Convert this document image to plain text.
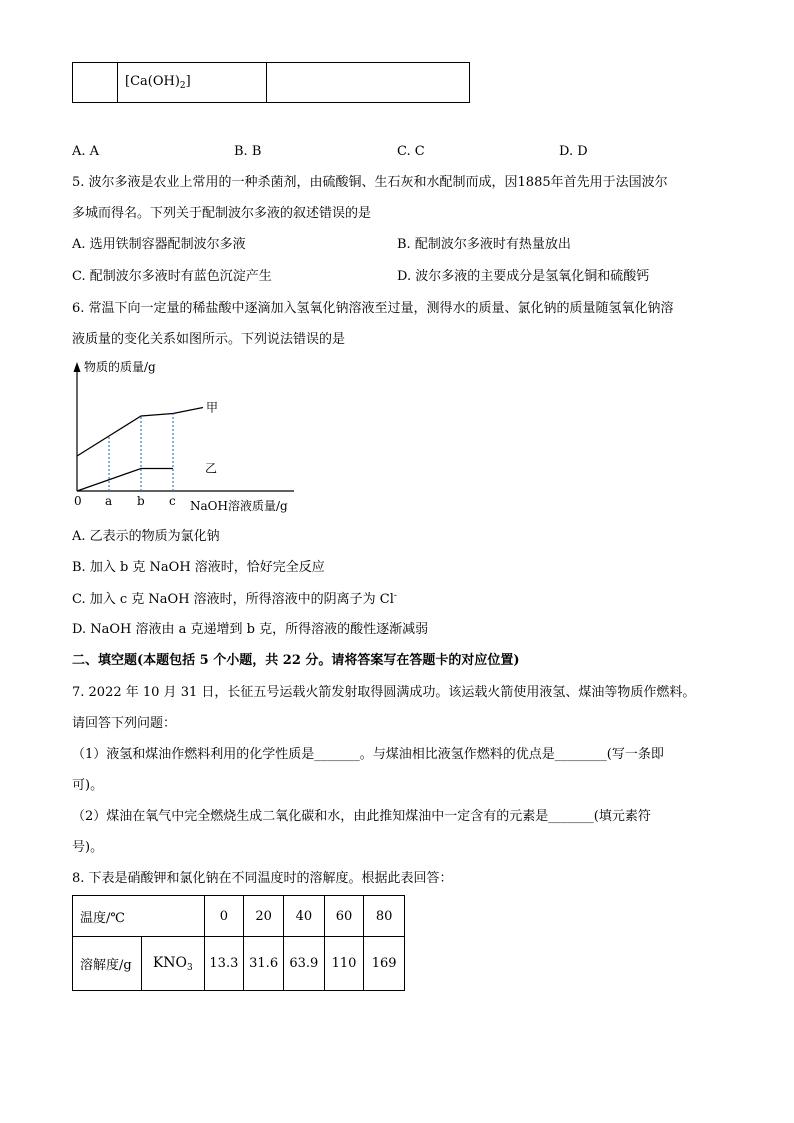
	$[Ca(OH)_2]$	
A. A	B. B	C. C	D. D
5. 波尔多液是农业上常用的一种杀菌剂，由硫酸铜、生石灰和水配制而成，因1885年首先用于法国波尔
多城而得名。下列关于配制波尔多液的叙述错误的是
A. 选用铁制容器配制波尔多液	B. 配制波尔多液时有热量放出
C. 配制波尔多液时有蓝色沉淀产生	D. 波尔多液的主要成分是氢氧化铜和硫酸钙
6. 常温下向一定量的稀盐酸中逐滴加入氢氧化钠溶液至过量，测得水的质量、氯化钠的质量随氢氧化钠溶
液质量的变化关系如图所示。下列说法错误的是
物质的质量/g
NaOH溶液质量/g
0 a b c
甲
乙
A. 乙表示的物质为氯化钠
B. 加入 b 克 NaOH 溶液时，恰好完全反应
C. 加入 c 克 NaOH 溶液时，所得溶液中的阴离子为 Cl-
D. NaOH 溶液由 a 克递增到 b 克，所得溶液的酸性逐渐减弱
二、填空题(本题包括 5 个小题，共 22 分。请将答案写在答题卡的对应位置)
7. 2022 年 10 月 31 日，长征五号运载火箭发射取得圆满成功。该运载火箭使用液氢、煤油等物质作燃料。
请回答下列问题：
（1）液氢和煤油作燃料利用的化学性质是_______。与煤油相比液氢作燃料的优点是________(写一条即
可)。
（2）煤油在氧气中完全燃烧生成二氧化碳和水，由此推知煤油中一定含有的元素是_______(填元素符
号)。
8. 下表是硝酸钾和氯化钠在不同温度时的溶解度。根据此表回答：
温度/℃		0	20	40	60	80
溶解度/g	$KNO_3$	13.3	31.6	63.9	110	169
